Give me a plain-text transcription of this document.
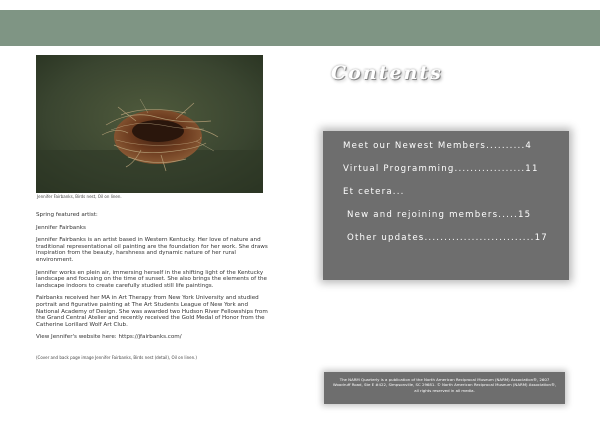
Jennifer Fairbanks, Birds nest, Oil on linen.

Spring featured artist:

Jennifer Fairbanks

Jennifer Fairbanks is an artist based in Western Kentucky. Her love of nature and traditional representational oil painting are the foundation for her work. She draws inspiration from the beauty, harshness and dynamic nature of her rural environment.

Jennifer works en plein air, immersing herself in the shifting light of the Kentucky landscape and focusing on the time of sunset. She also brings the elements of the landscape indoors to create carefully studied still life paintings.

Fairbanks received her MA in Art Therapy from New York University and studied portrait and figurative painting at The Art Students League of New York and National Academy of Design. She was awarded two Hudson River Fellowships from the Grand Central Atelier and recently received the Gold Medal of Honor from the Catherine Lorillard Wolf Art Club.

View Jennifer's website here: https://jfairbanks.com/

(Cover and back page image Jennifer Fairbanks, Birds nest (detail), Oil on linen.)

Contents
Meet our Newest Members..........4
Virtual Programming..................11
Et cetera...
New and rejoining members.....15
Other updates............................17
The NARM Quarterly is a publication of the North American Reciprocal Museum (NARM) Association®, 2607 Woodruff Road, Ste E #422, Simpsonville, SC 29681. © North American Reciprocal Museum (NARM) Association®, all rights reserved in all media.
